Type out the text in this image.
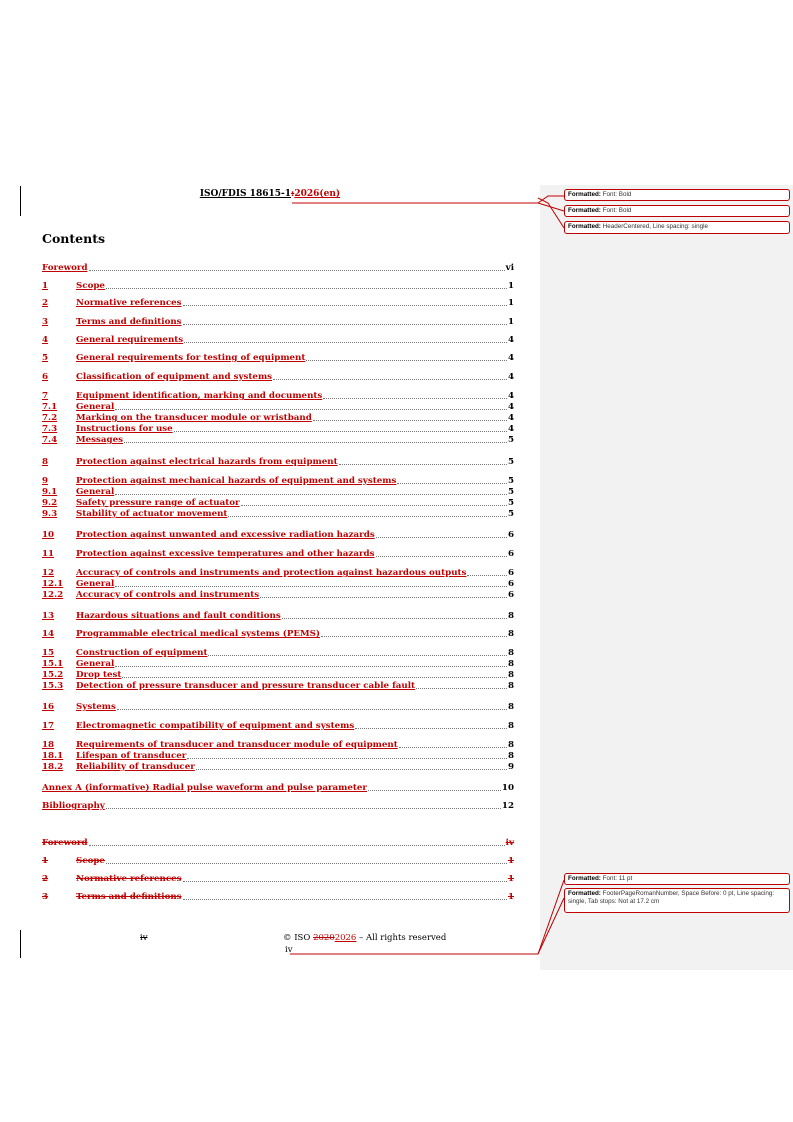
ISO/FDIS 18615-1:2026(en)
Contents
Foreword	vi
1	Scope	1
2	Normative references	1
3	Terms and definitions	1
4	General requirements	4
5	General requirements for testing of equipment	4
6	Classification of equipment and systems	4
7	Equipment identification, marking and documents	4
7.1	General	4
7.2	Marking on the transducer module or wristband	4
7.3	Instructions for use	4
7.4	Messages	5
8	Protection against electrical hazards from equipment	5
9	Protection against mechanical hazards of equipment and systems	5
9.1	General	5
9.2	Safety pressure range of actuator	5
9.3	Stability of actuator movement	5
10	Protection against unwanted and excessive radiation hazards	6
11	Protection against excessive temperatures and other hazards	6
12	Accuracy of controls and instruments and protection against hazardous outputs	6
12.1	General	6
12.2	Accuracy of controls and instruments	6
13	Hazardous situations and fault conditions	8
14	Programmable electrical medical systems (PEMS)	8
15	Construction of equipment	8
15.1	General	8
15.2	Drop test	8
15.3	Detection of pressure transducer and pressure transducer cable fault	8
16	Systems	8
17	Electromagnetic compatibility of equipment and systems	8
18	Requirements of transducer and transducer module of equipment	8
18.1	Lifespan of transducer	8
18.2	Reliability of transducer	9
Annex A (informative) Radial pulse waveform and pulse parameter	10
Bibliography	12
Foreword	iv
1	Scope	1
2	Normative references	1
3	Terms and definitions	1
iv	© ISO 20202026 – All rights reserved
iv
Formatted: Font: Bold
Formatted: Font: Bold
Formatted: HeaderCentered, Line spacing: single
Formatted: Font: 11 pt
Formatted: FooterPageRomanNumber, Space Before: 0 pt, Line spacing: single, Tab stops: Not at 17.2 cm
